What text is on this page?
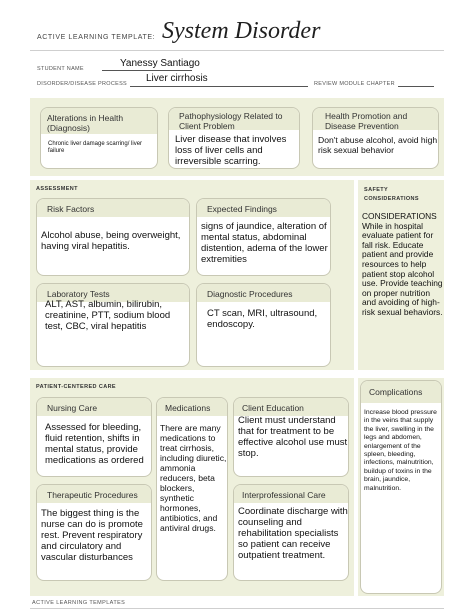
ACTIVE LEARNING TEMPLATE: System Disorder
STUDENT NAME	Yanessy Santiago
DISORDER/DISEASE PROCESS Liver cirrhosis	REVIEW MODULE CHAPTER
Alterations in Health (Diagnosis)
Chronic liver damage scarring/ liver failure
Pathophysiology Related to Client Problem
Liver disease that involves loss of liver cells and irreversible scarring.
Health Promotion and Disease Prevention
Don't abuse alcohol, avoid high risk sexual behavior
ASSESSMENT
Risk Factors
Alcohol abuse, being overweight, having viral hepatitis.
Expected Findings
signs of jaundice, alteration of mental status, abdominal distention, adema of the lower extremities
Laboratory Tests
ALT, AST, albumin, bilirubin, creatinine, PTT, sodium blood test, CBC, viral hepatitis
Diagnostic Procedures
CT scan, MRI, ultrasound, endoscopy.
SAFETY CONSIDERATIONS
CONSIDERATIONS While in hospital evaluate patient for fall risk. Educate patient and provide resources to help patient stop alcohol use. Provide teaching on proper nutrition and avoiding of high-risk sexual behaviors.
PATIENT-CENTERED CARE
Nursing Care
Assessed for bleeding, fluid retention, shifts in mental status, provide medications as ordered
Medications
There are many medications to treat cirrhosis, including diuretic, ammonia reducers, beta blockers, synthetic hormones, antibiotics, and antiviral drugs.
Client Education
Client must understand that for treatment to be effective alcohol use must stop.
Therapeutic Procedures
The biggest thing is the nurse can do is promote rest. Prevent respiratory and circulatory and vascular disturbances
Interprofessional Care
Coordinate discharge with counseling and rehabilitation specialists so patient can receive outpatient treatment.
Complications
Increase blood pressure in the veins that supply the liver, swelling in the legs and abdomen, enlargement of the spleen, bleeding, infections, malnutrition, buildup of toxins in the brain, jaundice, malnutrition.
ACTIVE LEARNING TEMPLATES
